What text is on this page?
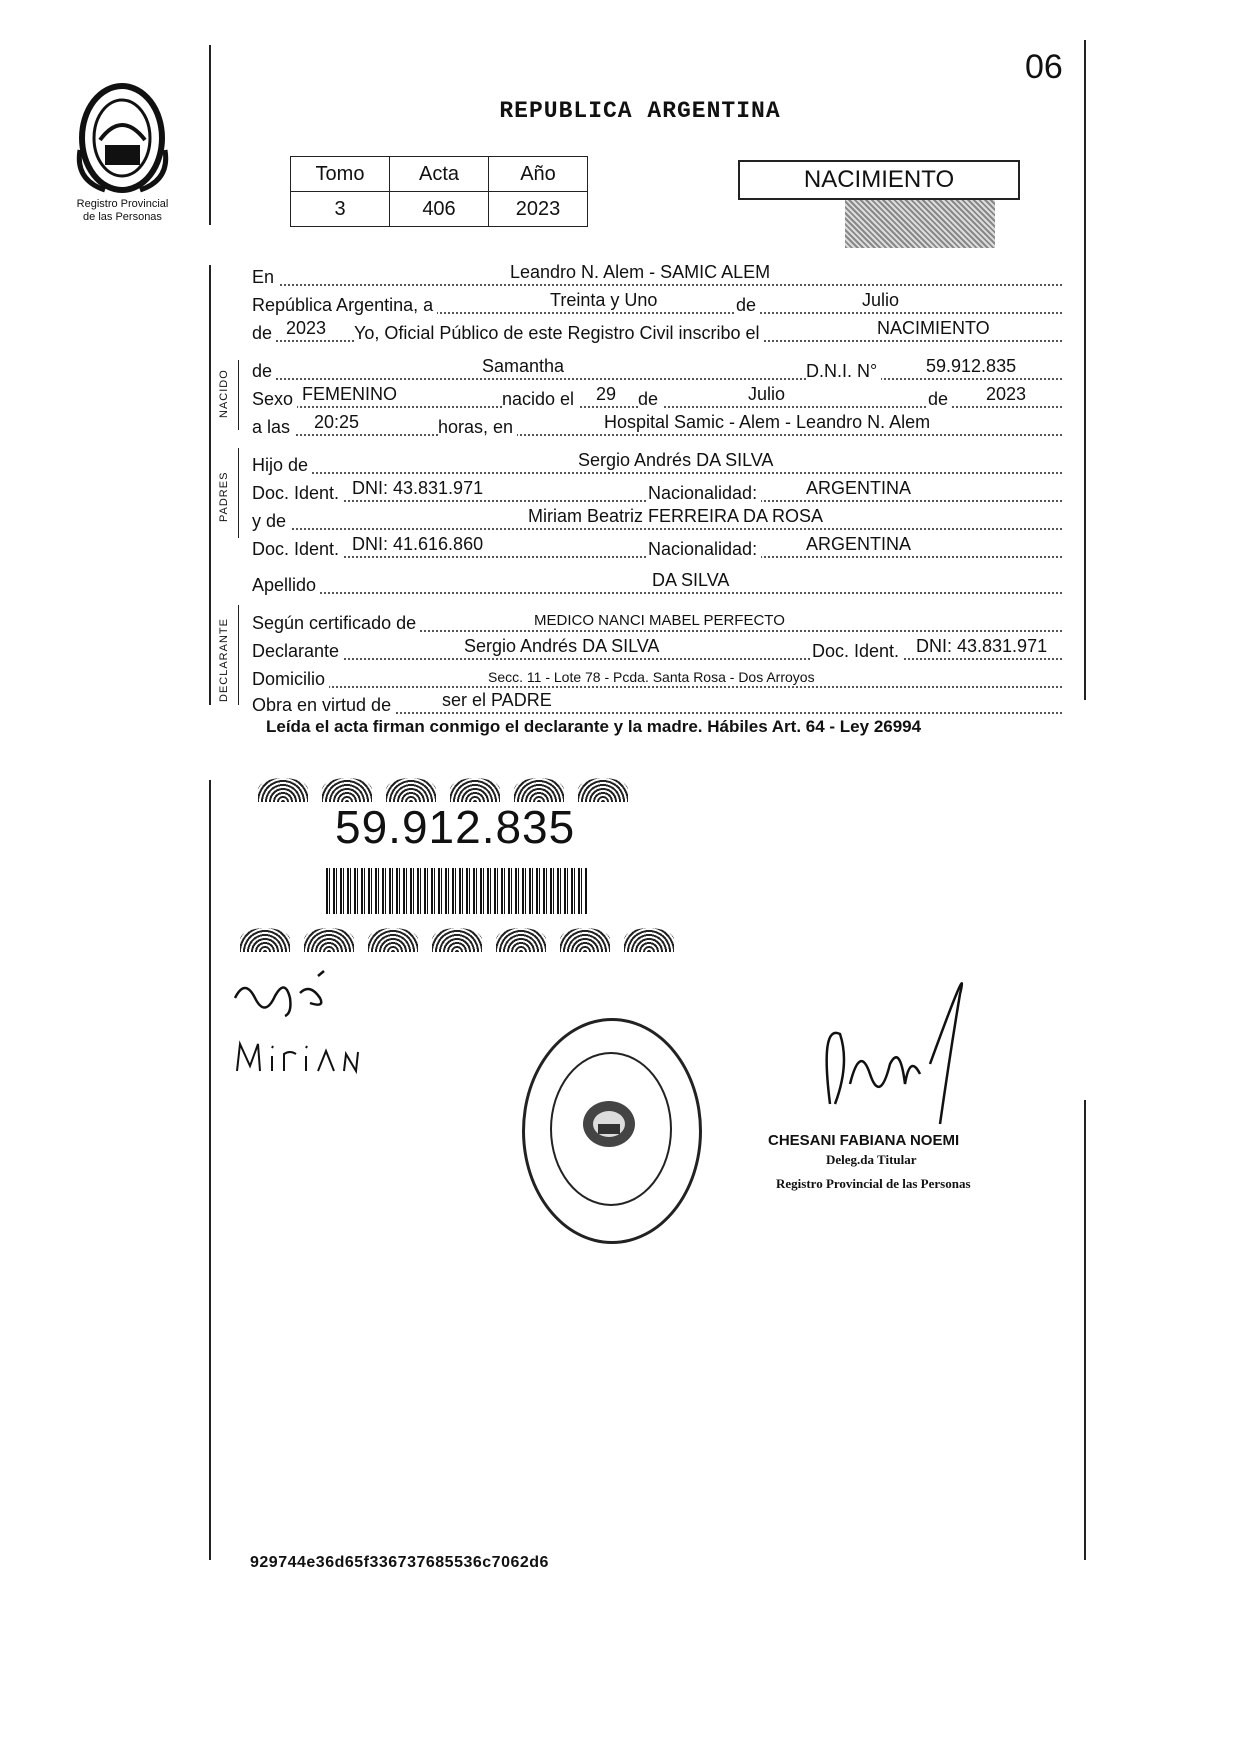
06
Registro Provincial
de las Personas
REPUBLICA ARGENTINA
Tomo	Acta	Año
3	406	2023
NACIMIENTO
NACIDO
PADRES
DECLARANTE
En	Leandro N. Alem - SAMIC ALEM
República Argentina, a	Treinta y Uno	de	Julio
de 2023 Yo, Oficial Público de este Registro Civil inscribo el	NACIMIENTO
de	Samantha	D.N.I. N°	59.912.835
Sexo FEMENINO	nacido el 29 de	Julio	de 2023
a las 20:25	horas, en	Hospital Samic - Alem - Leandro N. Alem
Hijo de	Sergio Andrés DA SILVA
Doc. Ident. DNI: 43.831.971	Nacionalidad:	ARGENTINA
y de	Miriam Beatriz FERREIRA DA ROSA
Doc. Ident. DNI: 41.616.860	Nacionalidad:	ARGENTINA
Apellido	DA SILVA
Según certificado de	MEDICO NANCI MABEL PERFECTO
Declarante	Sergio Andrés DA SILVA	Doc. Ident. DNI: 43.831.971
Domicilio	Secc. 11 - Lote 78 - Pcda. Santa Rosa - Dos Arroyos
Obra en virtud de	ser el PADRE
Leída el acta firman conmigo el declarante y la madre. Hábiles Art. 64 - Ley 26994
59.912.835
CHESANI FABIANA NOEMI
Deleg.da Titular
Registro Provincial de las Personas
929744e36d65f336737685536c7062d6
